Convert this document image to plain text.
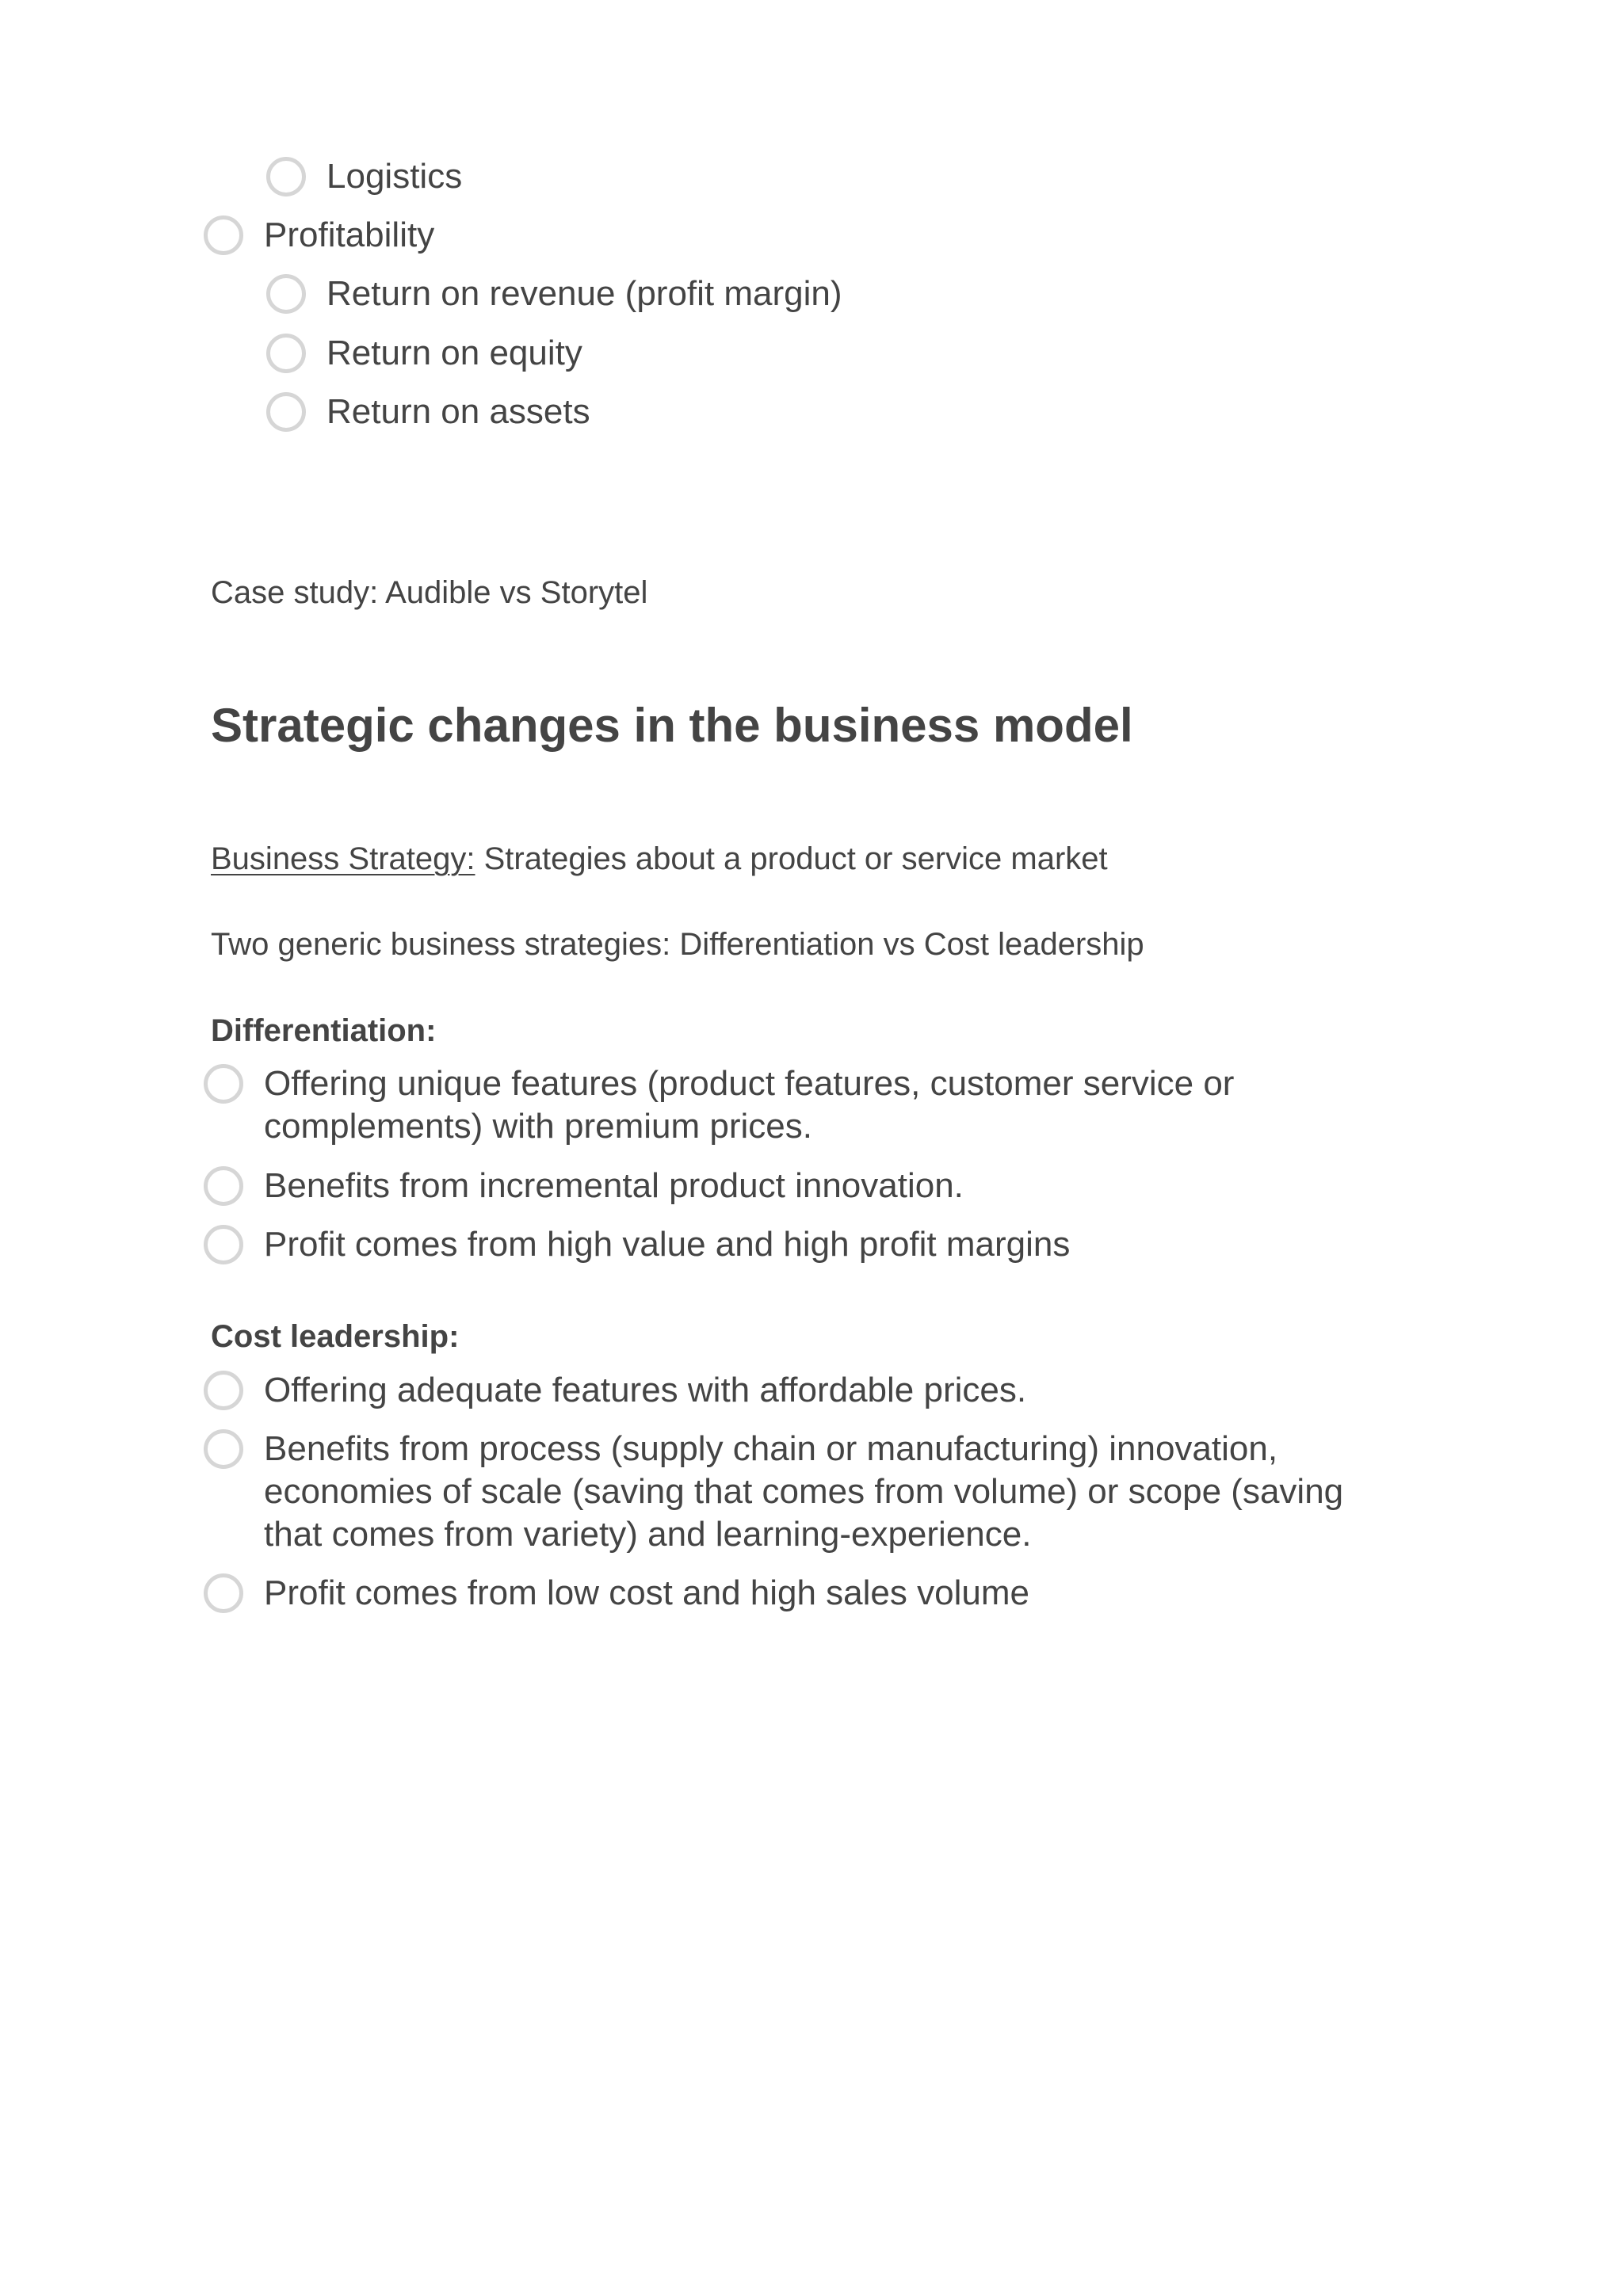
Logistics
Profitability
Return on revenue (profit margin)
Return on equity
Return on assets
Case study: Audible vs Storytel
Strategic changes in the business model
Business Strategy: Strategies about a product or service market
Two generic business strategies: Differentiation vs Cost leadership
Differentiation:
Offering unique features (product features, customer service or
complements) with premium prices.
Benefits from incremental product innovation.
Profit comes from high value and high profit margins
Cost leadership:
Offering adequate features with affordable prices.
Benefits from process (supply chain or manufacturing) innovation,
economies of scale (saving that comes from volume) or scope (saving
that comes from variety) and learning-experience.
Profit comes from low cost and high sales volume
